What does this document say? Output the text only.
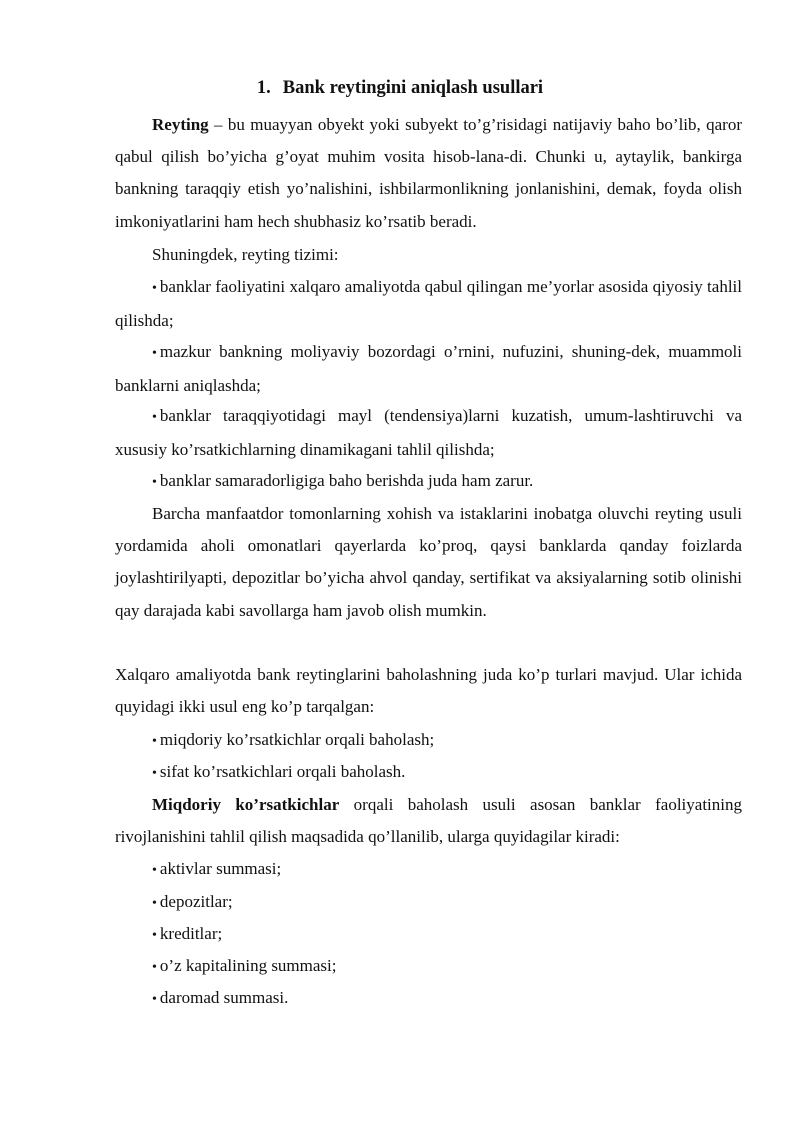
1. Bank reytingini aniqlash usullari

Reyting – bu muayyan obyekt yoki subyekt to’g’risidagi natijaviy baho bo’lib, qaror qabul qilish bo’yicha g’oyat muhim vosita hisob-lana-di. Chunki u, aytaylik, bankirga bankning taraqqiy etish yo’nalishini, ishbilarmonlikning jonlanishini, demak, foyda olish imkoniyatlarini ham hech shubhasiz ko’rsatib beradi.

Shuningdek, reyting tizimi:

• banklar faoliyatini xalqaro amaliyotda qabul qilingan me’yorlar asosida qiyosiy tahlil qilishda;

• mazkur bankning moliyaviy bozordagi o’rnini, nufuzini, shuning-dek, muammoli banklarni aniqlashda;

• banklar taraqqiyotidagi mayl (tendensiya)larni kuzatish, umum-lashtiruvchi va xususiy ko’rsatkichlarning dinamikagani tahlil qilishda;

• banklar samaradorligiga baho berishda juda ham zarur.

Barcha manfaatdor tomonlarning xohish va istaklarini inobatga oluvchi reyting usuli yordamida aholi omonatlari qayerlarda ko’proq, qaysi banklarda qanday foizlarda joylashtirilyapti, depozitlar bo’yicha ahvol qanday, sertifikat va aksiyalarning sotib olinishi qay darajada kabi savollarga ham javob olish mumkin.

Xalqaro amaliyotda bank reytinglarini baholashning juda ko’p turlari mavjud. Ular ichida quyidagi ikki usul eng ko’p tarqalgan:

• miqdoriy ko’rsatkichlar orqali baholash;

• sifat ko’rsatkichlari orqali baholash.

Miqdoriy ko’rsatkichlar orqali baholash usuli asosan banklar faoliyatining rivojlanishini tahlil qilish maqsadida qo’llanilib, ularga quyidagilar kiradi:

• aktivlar summasi;

• depozitlar;

• kreditlar;

• o’z kapitalining summasi;

• daromad summasi.
